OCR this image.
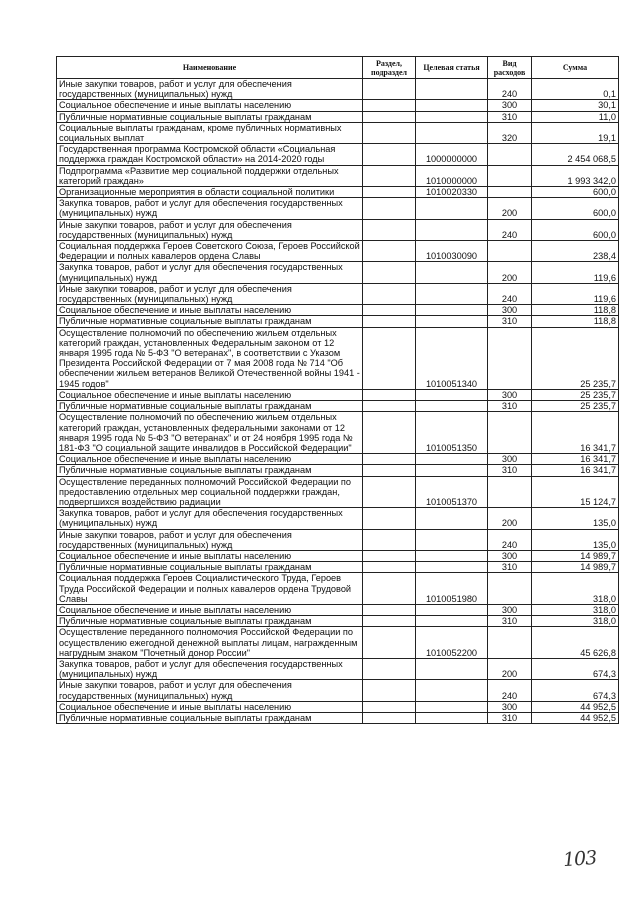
Наименование	Раздел, подраздел	Целевая статья	Вид расходов	Сумма
Иные закупки товаров, работ и услуг для обеспечения государственных (муниципальных) нужд			240	0,1
Социальное обеспечение и иные выплаты населению			300	30,1
Публичные нормативные социальные выплаты гражданам			310	11,0
Социальные выплаты гражданам, кроме публичных нормативных социальных выплат			320	19,1
Государственная программа Костромской области «Социальная поддержка граждан Костромской области» на 2014-2020 годы		1000000000		2 454 068,5
Подпрограмма «Развитие мер социальной поддержки отдельных категорий граждан»		1010000000		1 993 342,0
Организационные мероприятия в области социальной политики		1010020330		600,0
Закупка товаров, работ и услуг для обеспечения государственных (муниципальных) нужд			200	600,0
Иные закупки товаров, работ и услуг для обеспечения государственных (муниципальных) нужд			240	600,0
Социальная поддержка Героев Советского Союза, Героев Российской Федерации и полных кавалеров ордена Славы		1010030090		238,4
Закупка товаров, работ и услуг для обеспечения государственных (муниципальных) нужд			200	119,6
Иные закупки товаров, работ и услуг для обеспечения государственных (муниципальных) нужд			240	119,6
Социальное обеспечение и иные выплаты населению			300	118,8
Публичные нормативные социальные выплаты гражданам			310	118,8
Осуществление полномочий по обеспечению жильем отдельных категорий граждан, установленных Федеральным законом от 12 января 1995 года № 5-ФЗ "О ветеранах", в соответствии с Указом Президента Российской Федерации от 7 мая 2008 года № 714 "Об обеспечении жильем ветеранов Великой Отечественной войны 1941 - 1945 годов"		1010051340		25 235,7
Социальное обеспечение и иные выплаты населению			300	25 235,7
Публичные нормативные социальные выплаты гражданам			310	25 235,7
Осуществление полномочий по обеспечению жильем отдельных категорий граждан, установленных федеральными законами от 12 января 1995 года № 5-ФЗ "О ветеранах" и от 24 ноября 1995 года № 181-ФЗ "О социальной защите инвалидов в Российской Федерации"		1010051350		16 341,7
Социальное обеспечение и иные выплаты населению			300	16 341,7
Публичные нормативные социальные выплаты гражданам			310	16 341,7
Осуществление переданных полномочий Российской Федерации по предоставлению отдельных мер социальной поддержки граждан, подвергшихся воздействию радиации		1010051370		15 124,7
Закупка товаров, работ и услуг для обеспечения государственных (муниципальных) нужд			200	135,0
Иные закупки товаров, работ и услуг для обеспечения государственных (муниципальных) нужд			240	135,0
Социальное обеспечение и иные выплаты населению			300	14 989,7
Публичные нормативные социальные выплаты гражданам			310	14 989,7
Социальная поддержка Героев Социалистического Труда, Героев Труда Российской Федерации и полных кавалеров ордена Трудовой Славы		1010051980		318,0
Социальное обеспечение и иные выплаты населению			300	318,0
Публичные нормативные социальные выплаты гражданам			310	318,0
Осуществление переданного полномочия Российской Федерации по осуществлению ежегодной денежной выплаты лицам, награжденным нагрудным знаком "Почетный донор России"		1010052200		45 626,8
Закупка товаров, работ и услуг для обеспечения государственных (муниципальных) нужд			200	674,3
Иные закупки товаров, работ и услуг для обеспечения государственных (муниципальных) нужд			240	674,3
Социальное обеспечение и иные выплаты населению			300	44 952,5
Публичные нормативные социальные выплаты гражданам			310	44 952,5
103
